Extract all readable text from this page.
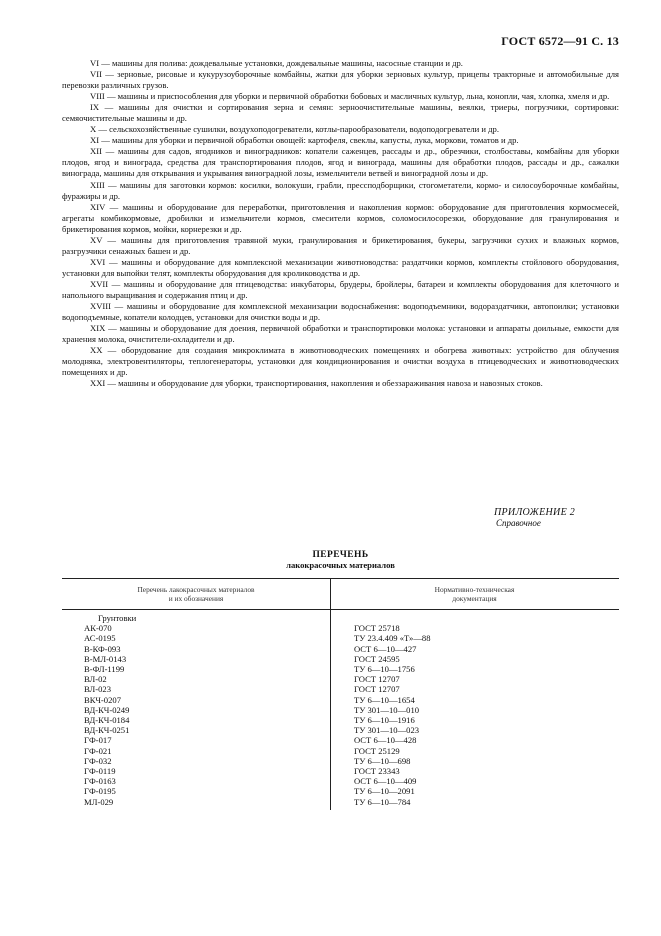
ГОСТ 6572—91 С. 13

VI — машины для полива: дождевальные установки, дождевальные машины, насосные станции и др.

VII — зерновые, рисовые и кукурузоуборочные комбайны, жатки для уборки зерновых культур, прицепы тракторные и автомобильные для перевозки различных грузов.

VIII — машины и приспособления для уборки и первичной обработки бобовых и масличных культур, льна, конопли, чая, хлопка, хмеля и др.

IX — машины для очистки и сортирования зерна и семян: зерноочистительные машины, веялки, триеры, погрузчики, сортировки: семяочистительные машины и др.

X — сельскохозяйственные сушилки, воздухоподогреватели, котлы-парообразователи, водоподогреватели и др.

XI — машины для уборки и первичной обработки овощей: картофеля, свеклы, капусты, лука, моркови, томатов и др.

XII — машины для садов, ягодников и виноградников: копатели саженцев, рассады и др., обрезчики, столбоставы, комбайны для уборки плодов, ягод и винограда, средства для транспортирования плодов, ягод и винограда, машины для обработки плодов, рассады и др., сажалки винограда, машины для открывания и укрывания виноградной лозы, измельчители ветвей и виноградной лозы и др.

XIII — машины для заготовки кормов: косилки, волокуши, грабли, прессподборщики, стогометатели, кормо- и силосоуборочные комбайны, фуражиры и др.

XIV — машины и оборудование для переработки, приготовления и накопления кормов: оборудование для приготовления кормосмесей, агрегаты комбикормовые, дробилки и измельчители кормов, смесители кормов, соломосилосорезки, оборудование для гранулирования и брикетирования кормов, мойки, корнерезки и др.

XV — машины для приготовления травяной муки, гранулирования и брикетирования, букеры, загрузчики сухих и влажных кормов, разгрузчики сенажных башен и др.

XVI — машины и оборудование для комплексной механизации животноводства: раздатчики кормов, комплекты стойлового оборудования, установки для выпойки телят, комплекты оборудования для кролиководства и др.

XVII — машины и оборудование для птицеводства: инкубаторы, брудеры, бройлеры, батареи и комплекты оборудования для клеточного и напольного выращивания и содержания птиц и др.

XVIII — машины и оборудование для комплексной механизации водоснабжения: водоподъемники, водораздатчики, автопоилки; установки водоподъемные, копатели колодцев, установки для очистки воды и др.

XIX — машины и оборудование для доения, первичной обработки и транспортировки молока: установки и аппараты доильные, емкости для хранения молока, очистители-охладители и др.

XX — оборудование для создания микроклимата в животноводческих помещениях и обогрева животных: устройство для облучения молодняка, электровентиляторы, теплогенераторы, установки для кондиционирования и очистки воздуха в птицеводческих и животноводческих помещениях и др.

XXI — машины и оборудование для уборки, транспортирования, накопления и обеззараживания навоза и навозных стоков.

ПРИЛОЖЕНИЕ 2
Справочное
ПЕРЕЧЕНЬ
лакокрасочных материалов
Перечень лакокрасочных материалов
и их обозначения
Нормативно-техническая
документация
Грунтовки
АК-070
АС-0195
В-КФ-093
В-МЛ-0143
В-ФЛ-1199
ВЛ-02
ВЛ-023
ВКЧ-0207
ВД-КЧ-0249
ВД-КЧ-0184
ВД-КЧ-0251
ГФ-017
ГФ-021
ГФ-032
ГФ-0119
ГФ-0163
ГФ-0195
МЛ-029

ГОСТ 25718
ТУ 23.4.409 «Т»—88
ОСТ 6—10—427
ГОСТ 24595
ТУ 6—10—1756
ГОСТ 12707
ГОСТ 12707
ТУ 6—10—1654
ТУ 301—10—010
ТУ 6—10—1916
ТУ 301—10—023
ОСТ 6—10—428
ГОСТ 25129
ТУ 6—10—698
ГОСТ 23343
ОСТ 6—10—409
ТУ 6—10—2091
ТУ 6—10—784
